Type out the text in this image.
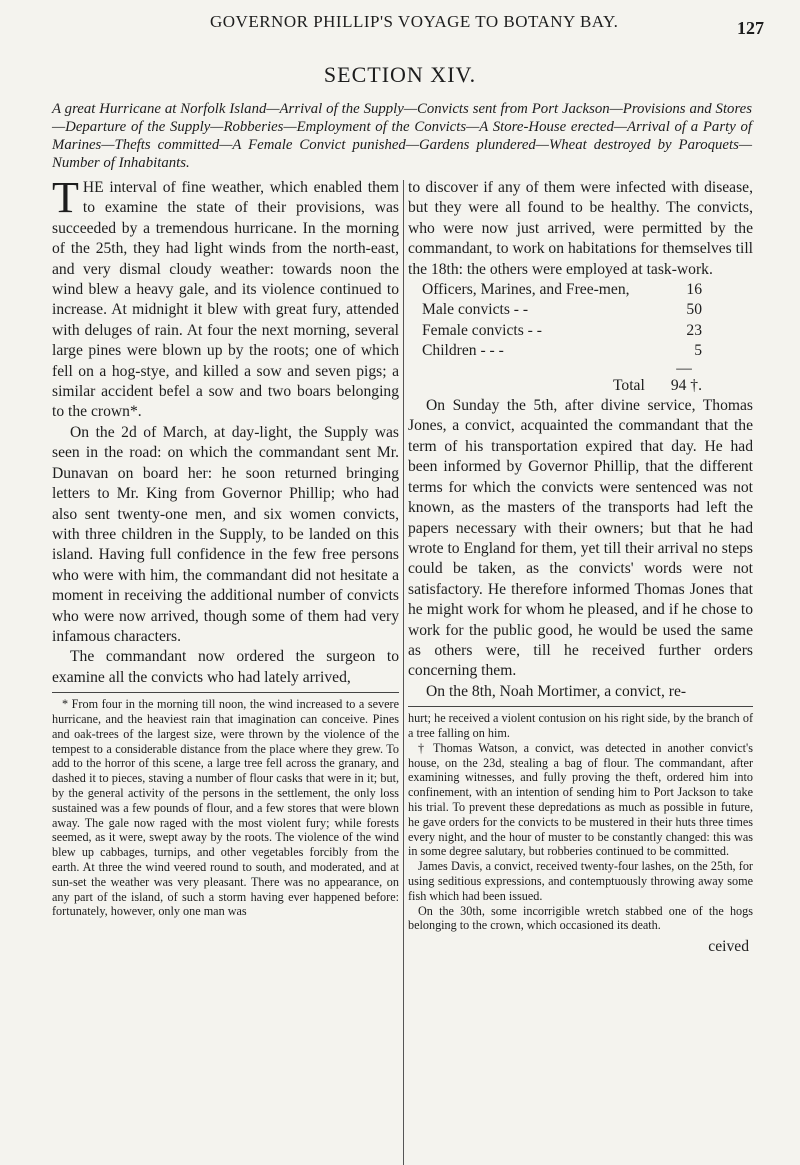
GOVERNOR PHILLIP'S VOYAGE TO BOTANY BAY.	127
SECTION XIV.
A great Hurricane at Norfolk Island—Arrival of the Supply—Convicts sent from Port Jackson—Provisions and Stores—Departure of the Supply—Robberies—Employment of the Convicts—A Store-House erected—Arrival of a Party of Marines—Thefts committed—A Female Convict punished—Gardens plundered—Wheat destroyed by Paroquets—Number of Inhabitants.

THE interval of fine weather, which enabled them to examine the state of their provisions, was succeeded by a tremendous hurricane. In the morning of the 25th, they had light winds from the north-east, and very dismal cloudy weather: towards noon the wind blew a heavy gale, and its violence continued to increase. At midnight it blew with great fury, attended with deluges of rain. At four the next morning, several large pines were blown up by the roots; one of which fell on a hog-stye, and killed a sow and seven pigs; a similar accident befel a sow and two boars belonging to the crown*.

On the 2d of March, at day-light, the Supply was seen in the road: on which the commandant sent Mr. Dunavan on board her: he soon returned bringing letters to Mr. King from Governor Phillip; who had also sent twenty-one men, and six women convicts, with three children in the Supply, to be landed on this island. Having full confidence in the few free persons who were with him, the commandant did not hesitate a moment in receiving the additional number of convicts who were now arrived, though some of them had very infamous characters.

The commandant now ordered the surgeon to examine all the convicts who had lately arrived,

* From four in the morning till noon, the wind increased to a severe hurricane, and the heaviest rain that imagination can conceive. Pines and oak-trees of the largest size, were thrown by the violence of the tempest to a considerable distance from the place where they grew. To add to the horror of this scene, a large tree fell across the granary, and dashed it to pieces, staving a number of flour casks that were in it; but, by the general activity of the persons in the settlement, the only loss sustained was a few pounds of flour, and a few stores that were blown away. The gale now raged with the most violent fury; while forests seemed, as it were, swept away by the roots. The violence of the wind blew up cabbages, turnips, and other vegetables forcibly from the earth. At three the wind veered round to south, and moderated, and at sun-set the weather was very pleasant. There was no appearance, on any part of the island, of such a storm having ever happened before: fortunately, however, only one man was

to discover if any of them were infected with disease, but they were all found to be healthy. The convicts, who were now just arrived, were permitted by the commandant, to work on habitations for themselves till the 18th: the others were employed at task-work.

Officers, Marines, and Free-men,	16
Male convicts - -	50
Female convicts - -	23
Children - - -	5
—
Total	94 †.

On Sunday the 5th, after divine service, Thomas Jones, a convict, acquainted the commandant that the term of his transportation expired that day. He had been informed by Governor Phillip, that the different terms for which the convicts were sentenced was not known, as the masters of the transports had left the papers necessary with their owners; but that he had wrote to England for them, yet till their arrival no steps could be taken, as the convicts' words were not satisfactory. He therefore informed Thomas Jones that he might work for whom he pleased, and if he chose to work for the public good, he would be used the same as others were, till he received further orders concerning them.

On the 8th, Noah Mortimer, a convict, re-

hurt; he received a violent contusion on his right side, by the branch of a tree falling on him.

† Thomas Watson, a convict, was detected in another convict's house, on the 23d, stealing a bag of flour. The commandant, after examining witnesses, and fully proving the theft, ordered him into confinement, with an intention of sending him to Port Jackson to take his trial. To prevent these depredations as much as possible in future, he gave orders for the convicts to be mustered in their huts three times every night, and the hour of muster to be constantly changed: this was in some degree salutary, but robberies continued to be committed.

James Davis, a convict, received twenty-four lashes, on the 25th, for using seditious expressions, and contemptuously throwing away some fish which had been issued.

On the 30th, some incorrigible wretch stabbed one of the hogs belonging to the crown, which occasioned its death.

ceived
